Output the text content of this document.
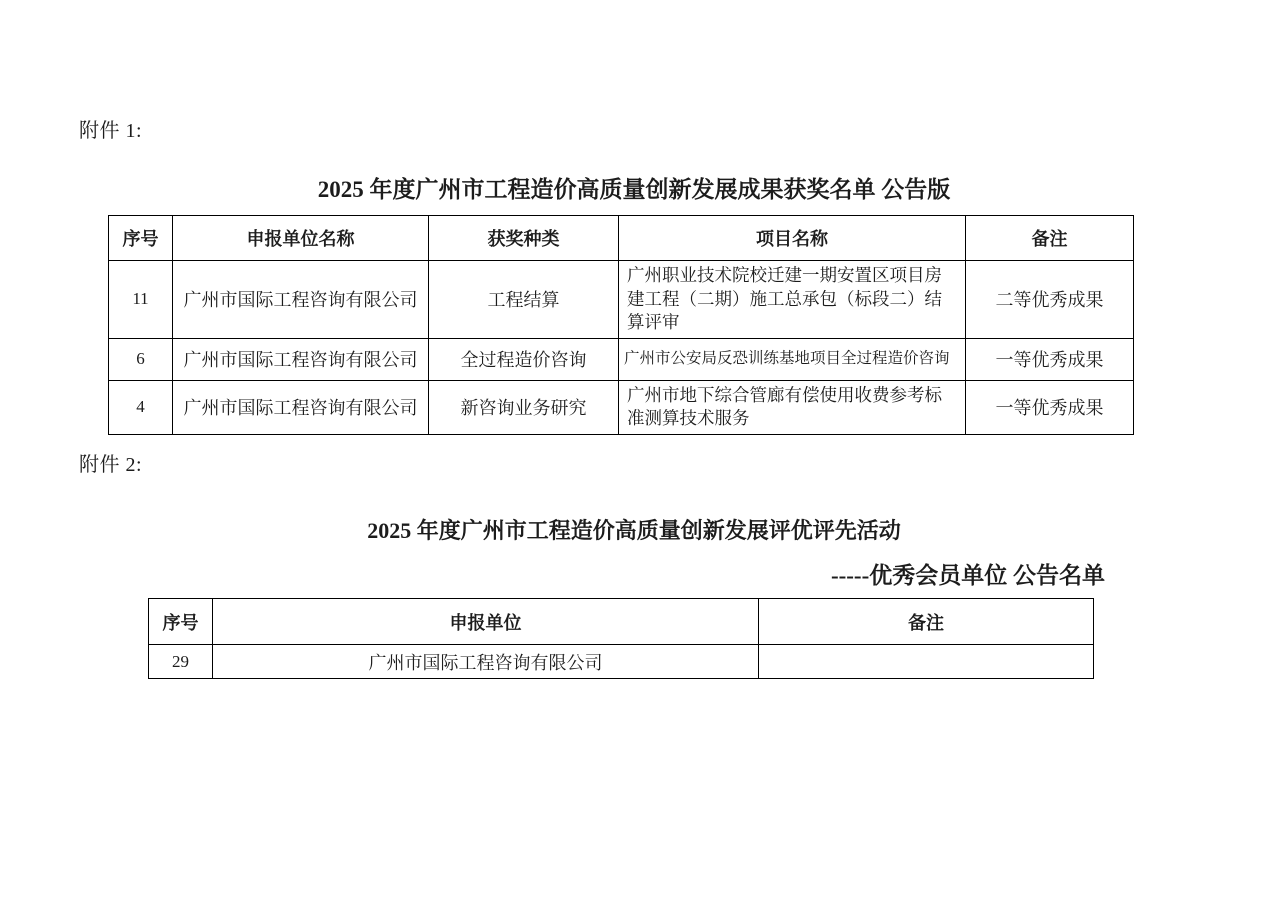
附件 1:
2025 年度广州市工程造价高质量创新发展成果获奖名单 公告版
序号	申报单位名称	获奖种类	项目名称	备注
11	广州市国际工程咨询有限公司	工程结算	广州职业技术院校迁建一期安置区项目房建工程（二期）施工总承包（标段二）结算评审	二等优秀成果
6	广州市国际工程咨询有限公司	全过程造价咨询	广州市公安局反恐训练基地项目全过程造价咨询	一等优秀成果
4	广州市国际工程咨询有限公司	新咨询业务研究	广州市地下综合管廊有偿使用收费参考标准测算技术服务	一等优秀成果
附件 2:
2025 年度广州市工程造价高质量创新发展评优评先活动
-----优秀会员单位 公告名单
序号	申报单位	备注
29	广州市国际工程咨询有限公司	
